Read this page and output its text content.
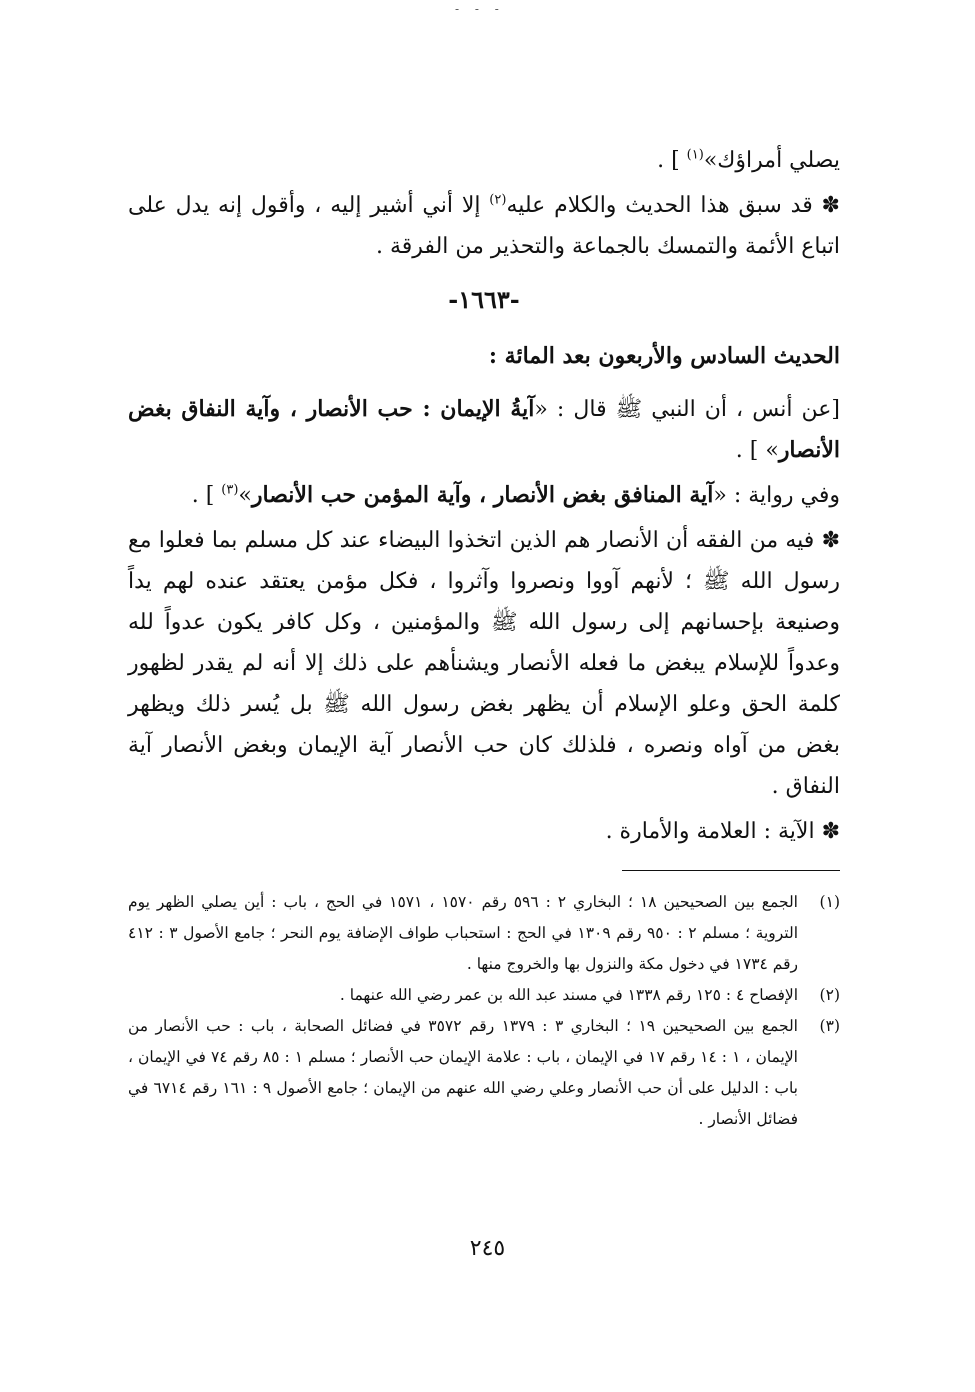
- - -

يصلي أمراؤك»$^{(١)}$ ] .

✽ قد سبق هذا الحديث والكلام عليه$^{(٢)}$ إلا أني أشير إليه ، وأقول إنه يدل على اتباع الأئمة والتمسك بالجماعة والتحذير من الفرقة .

-١٦٦٣-

الحديث السادس والأربعون بعد المائة :

[عن أنس ، أن النبي ﷺ قال : «آيةُ الإيمان : حب الأنصار ، وآية النفاق بغض الأنصار» ] .

وفي رواية : «آية المنافق بغض الأنصار ، وآية المؤمن حب الأنصار»$^{(٣)}$ ] .

✽ فيه من الفقه أن الأنصار هم الذين اتخذوا البيضاء عند كل مسلم بما فعلوا مع رسول الله ﷺ ؛ لأنهم آووا ونصروا وآثروا ، فكل مؤمن يعتقد عنده لهم يداً وصنيعة بإحسانهم إلى رسول الله ﷺ والمؤمنين ، وكل كافر يكون عدواً لله وعدواً للإسلام يبغض ما فعله الأنصار ويشنأهم على ذلك إلا أنه لم يقدر لظهور كلمة الحق وعلو الإسلام أن يظهر بغض رسول الله ﷺ بل يُسر ذلك ويظهر بغض من آواه ونصره ، فلذلك كان حب الأنصار آية الإيمان وبغض الأنصار آية النفاق .

✽ الآية : العلامة والأمارة .

(١)
الجمع بين الصحيحين ١٨ ؛ البخاري ٢ : ٥٩٦ رقم ١٥٧٠ ، ١٥٧١ في الحج ، باب : أين يصلي الظهر يوم التروية ؛ مسلم ٢ : ٩٥٠ رقم ١٣٠٩ في الحج : استحباب طواف الإضافة يوم النحر ؛ جامع الأصول ٣ : ٤١٢ رقم ١٧٣٤ في دخول مكة والنزول بها والخروج منها .

(٢)
الإفصاح ٤ : ١٢٥ رقم ١٣٣٨ في مسند عبد الله بن عمر رضي الله عنهما .

(٣)
الجمع بين الصحيحين ١٩ ؛ البخاري ٣ : ١٣٧٩ رقم ٣٥٧٢ في فضائل الصحابة ، باب : حب الأنصار من الإيمان ، ١ : ١٤ رقم ١٧ في الإيمان ، باب : علامة الإيمان حب الأنصار ؛ مسلم ١ : ٨٥ رقم ٧٤ في الإيمان ، باب : الدليل على أن حب الأنصار وعلي رضي الله عنهم من الإيمان ؛ جامع الأصول ٩ : ١٦١ رقم ٦٧١٤ في فضائل الأنصار .

٢٤٥
